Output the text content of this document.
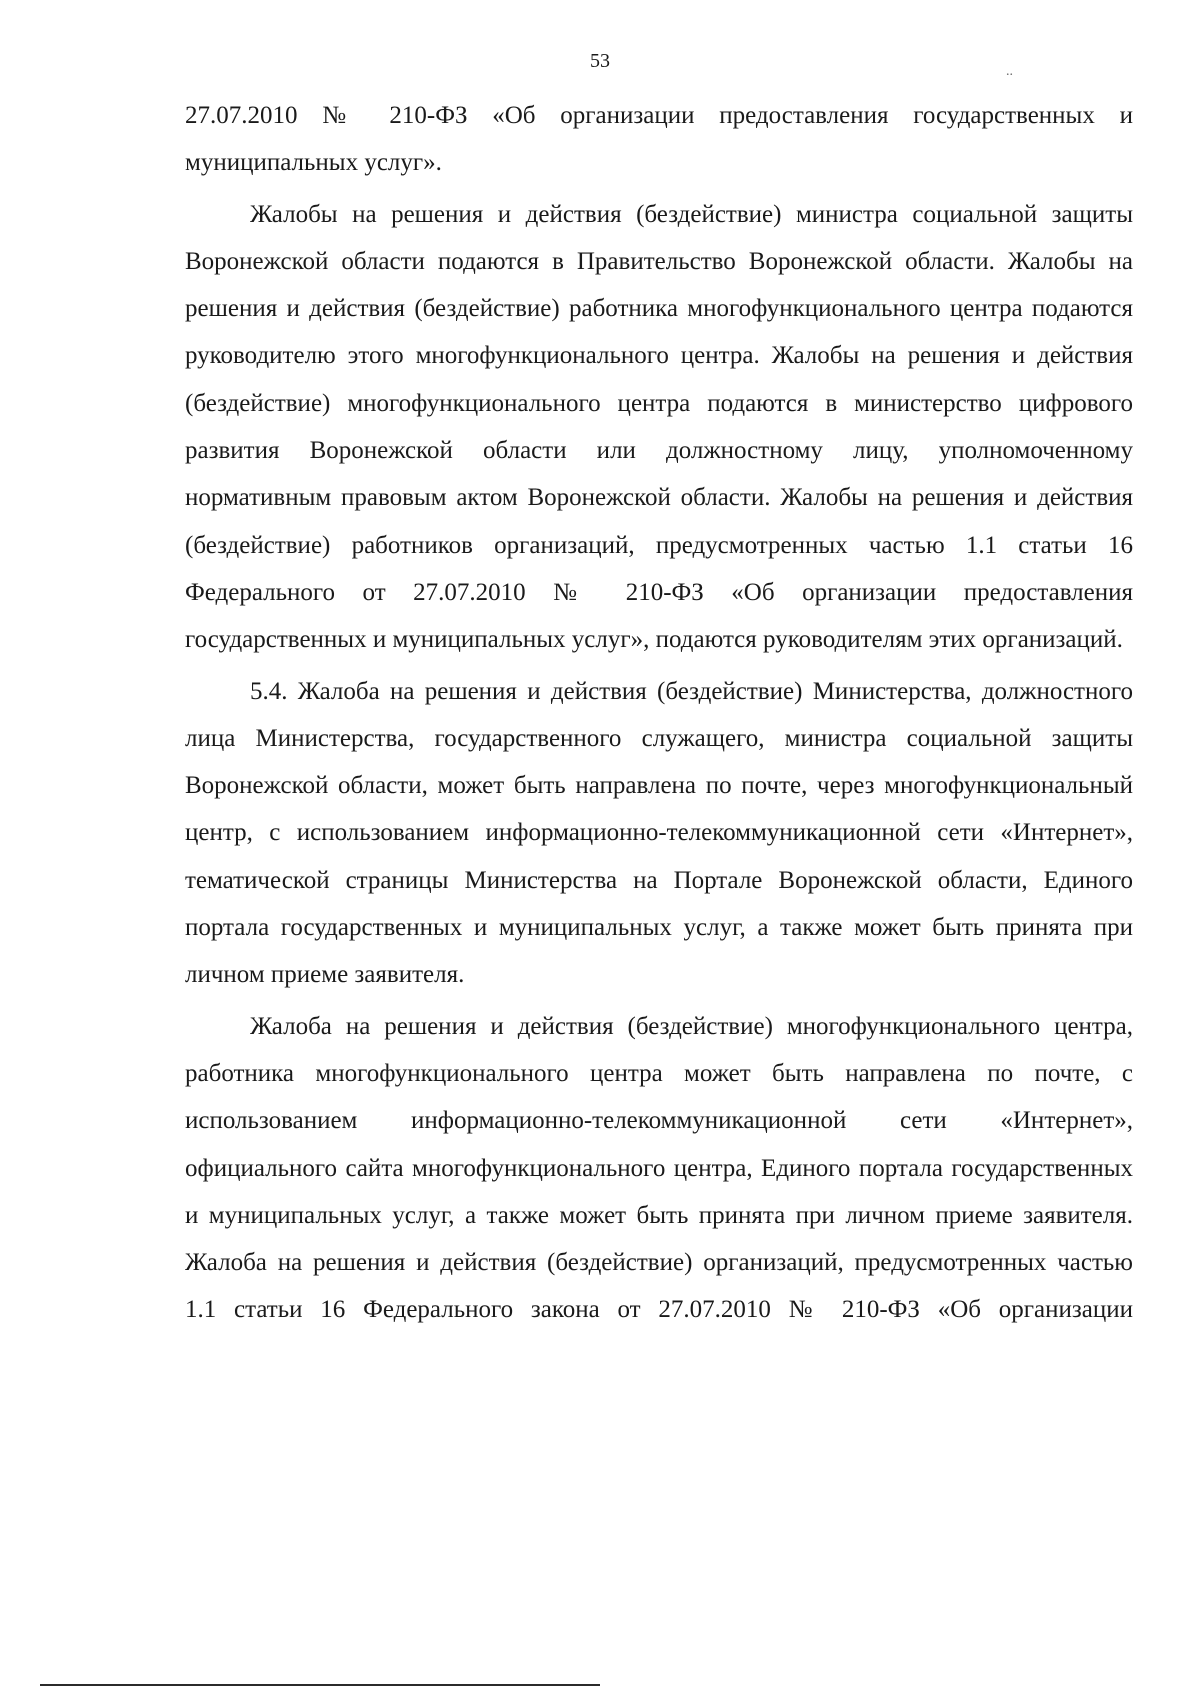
53	..

27.07.2010 № 210-ФЗ «Об организации предоставления государственных и муниципальных услуг».

Жалобы на решения и действия (бездействие) министра социальной защиты Воронежской области подаются в Правительство Воронежской области. Жалобы на решения и действия (бездействие) работника многофункционального центра подаются руководителю этого многофункционального центра. Жалобы на решения и действия (бездействие) многофункционального центра подаются в министерство цифрового развития Воронежской области или должностному лицу, уполномоченному нормативным правовым актом Воронежской области. Жалобы на решения и действия (бездействие) работников организаций, предусмотренных частью 1.1 статьи 16 Федерального от 27.07.2010 № 210-ФЗ «Об организации предоставления государственных и муниципальных услуг», подаются руководителям этих организаций.

5.4. Жалоба на решения и действия (бездействие) Министерства, должностного лица Министерства, государственного служащего, министра социальной защиты Воронежской области, может быть направлена по почте, через многофункциональный центр, с использованием информационно-телекоммуникационной сети «Интернет», тематической страницы Министерства на Портале Воронежской области, Единого портала государственных и муниципальных услуг, а также может быть принята при личном приеме заявителя.

Жалоба на решения и действия (бездействие) многофункционального центра, работника многофункционального центра может быть направлена по почте, с использованием информационно-телекоммуникационной сети «Интернет», официального сайта многофункционального центра, Единого портала государственных и муниципальных услуг, а также может быть принята при личном приеме заявителя. Жалоба на решения и действия (бездействие) организаций, предусмотренных частью 1.1 статьи 16 Федерального закона от 27.07.2010 № 210-ФЗ «Об организации
